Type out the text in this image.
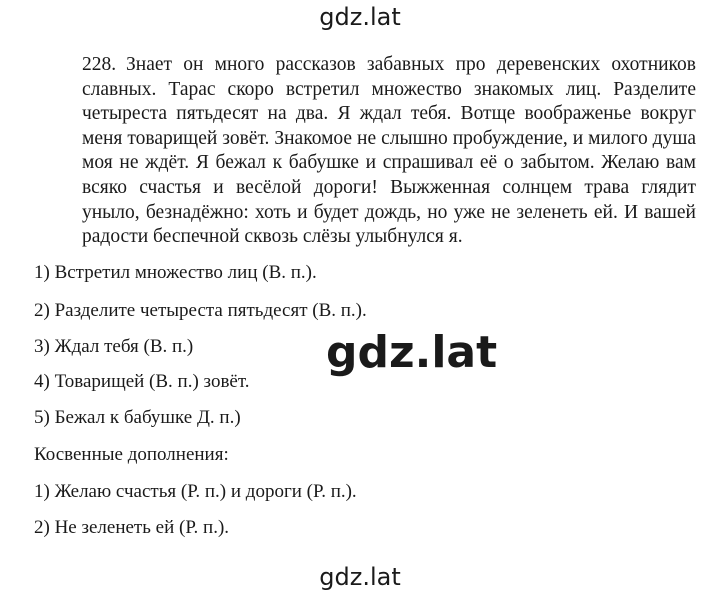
gdz.lat

228. Знает он много рассказов забавных про деревенских охотников славных. Тарас скоро встретил множество знакомых лиц. Разделите четыреста пятьдесят на два. Я ждал тебя. Вотще воображенье вокруг меня товарищей зовёт. Знакомое не слышно пробуждение, и милого душа моя не ждёт. Я бежал к бабушке и спрашивал её о забытом. Желаю вам всяко счастья и весёлой дороги! Выжженная солнцем трава глядит уныло, безнадёжно: хоть и будет дождь, но уже не зеленеть ей. И вашей радости беспечной сквозь слёзы улыбнулся я.

1) Встретил множество лиц (В. п.).

2) Разделите четыреста пятьдесят (В. п.).

3) Ждал тебя (В. п.)

4) Товарищей (В. п.) зовёт.

5) Бежал к бабушке Д. п.)

Косвенные дополнения:

1) Желаю счастья (Р. п.) и дороги (Р. п.).

2) Не зеленеть ей (Р. п.).

gdz.lat
gdz.lat
